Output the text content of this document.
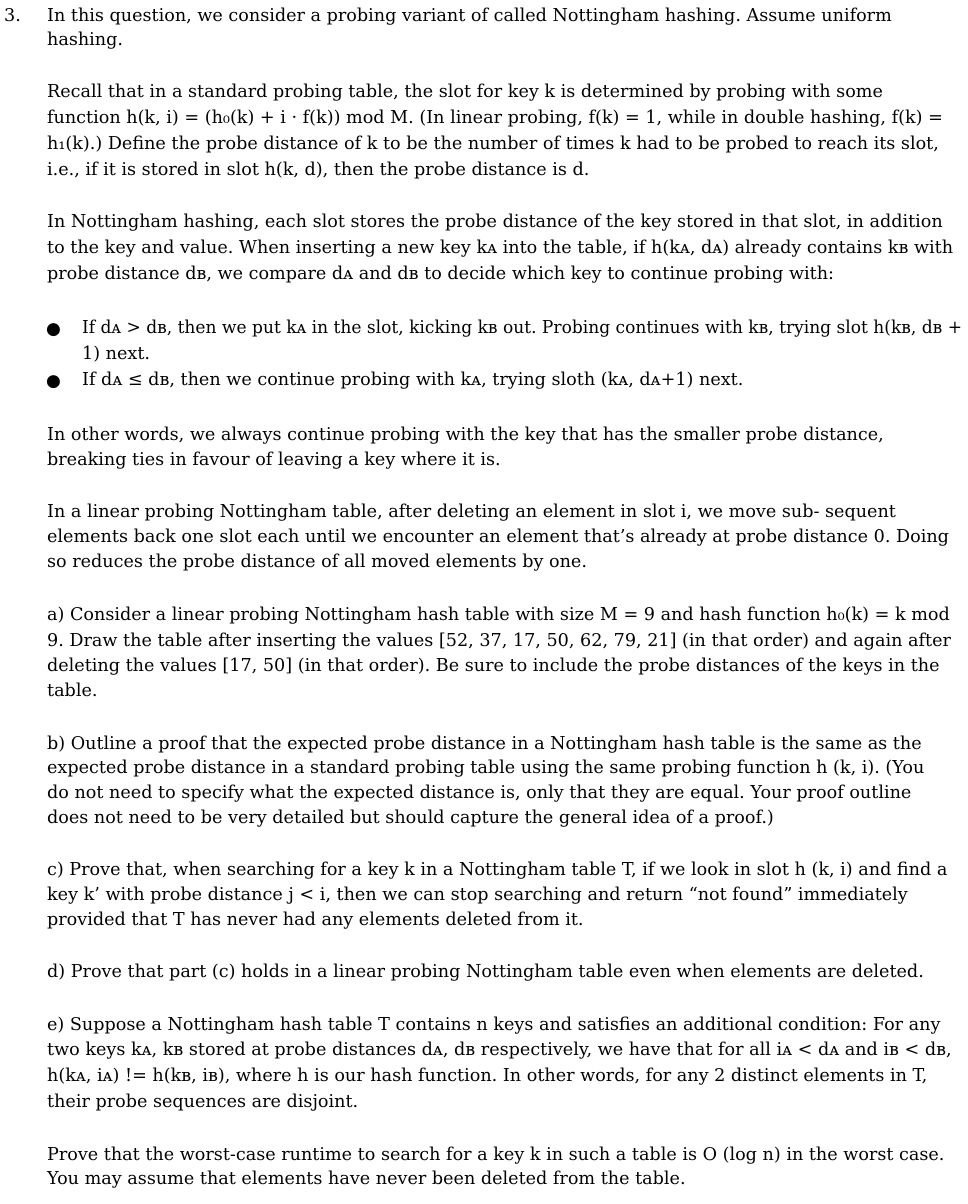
3. In this question, we consider a probing variant of called Nottingham hashing. Assume uniform
hashing.
Recall that in a standard probing table, the slot for key k is determined by probing with some
function h(k, i) = (h₀(k) + i · f(k)) mod M. (In linear probing, f(k) = 1, while in double hashing, f(k) =
h₁(k).) Define the probe distance of k to be the number of times k had to be probed to reach its slot,
i.e., if it is stored in slot h(k, d), then the probe distance is d.
In Nottingham hashing, each slot stores the probe distance of the key stored in that slot, in addition
to the key and value. When inserting a new key kᴀ into the table, if h(kᴀ, dᴀ) already contains kʙ with
probe distance dʙ, we compare dᴀ and dʙ to decide which key to continue probing with:
● If dᴀ > dʙ, then we put kᴀ in the slot, kicking kʙ out. Probing continues with kʙ, trying slot h(kʙ, dʙ +
1) next.
● If dᴀ ≤ dʙ, then we continue probing with kᴀ, trying sloth (kᴀ, dᴀ+1) next.
In other words, we always continue probing with the key that has the smaller probe distance,
breaking ties in favour of leaving a key where it is.
In a linear probing Nottingham table, after deleting an element in slot i, we move sub- sequent
elements back one slot each until we encounter an element that’s already at probe distance 0. Doing
so reduces the probe distance of all moved elements by one.
a) Consider a linear probing Nottingham hash table with size M = 9 and hash function h₀(k) = k mod
9. Draw the table after inserting the values [52, 37, 17, 50, 62, 79, 21] (in that order) and again after
deleting the values [17, 50] (in that order). Be sure to include the probe distances of the keys in the
table.
b) Outline a proof that the expected probe distance in a Nottingham hash table is the same as the
expected probe distance in a standard probing table using the same probing function h (k, i). (You
do not need to specify what the expected distance is, only that they are equal. Your proof outline
does not need to be very detailed but should capture the general idea of a proof.)
c) Prove that, when searching for a key k in a Nottingham table T, if we look in slot h (k, i) and find a
key k’ with probe distance j < i, then we can stop searching and return “not found” immediately
provided that T has never had any elements deleted from it.
d) Prove that part (c) holds in a linear probing Nottingham table even when elements are deleted.
e) Suppose a Nottingham hash table T contains n keys and satisfies an additional condition: For any
two keys kᴀ, kʙ stored at probe distances dᴀ, dʙ respectively, we have that for all iᴀ < dᴀ and iʙ < dʙ,
h(kᴀ, iᴀ) != h(kʙ, iʙ), where h is our hash function. In other words, for any 2 distinct elements in T,
their probe sequences are disjoint.
Prove that the worst-case runtime to search for a key k in such a table is O (log n) in the worst case.
You may assume that elements have never been deleted from the table.
